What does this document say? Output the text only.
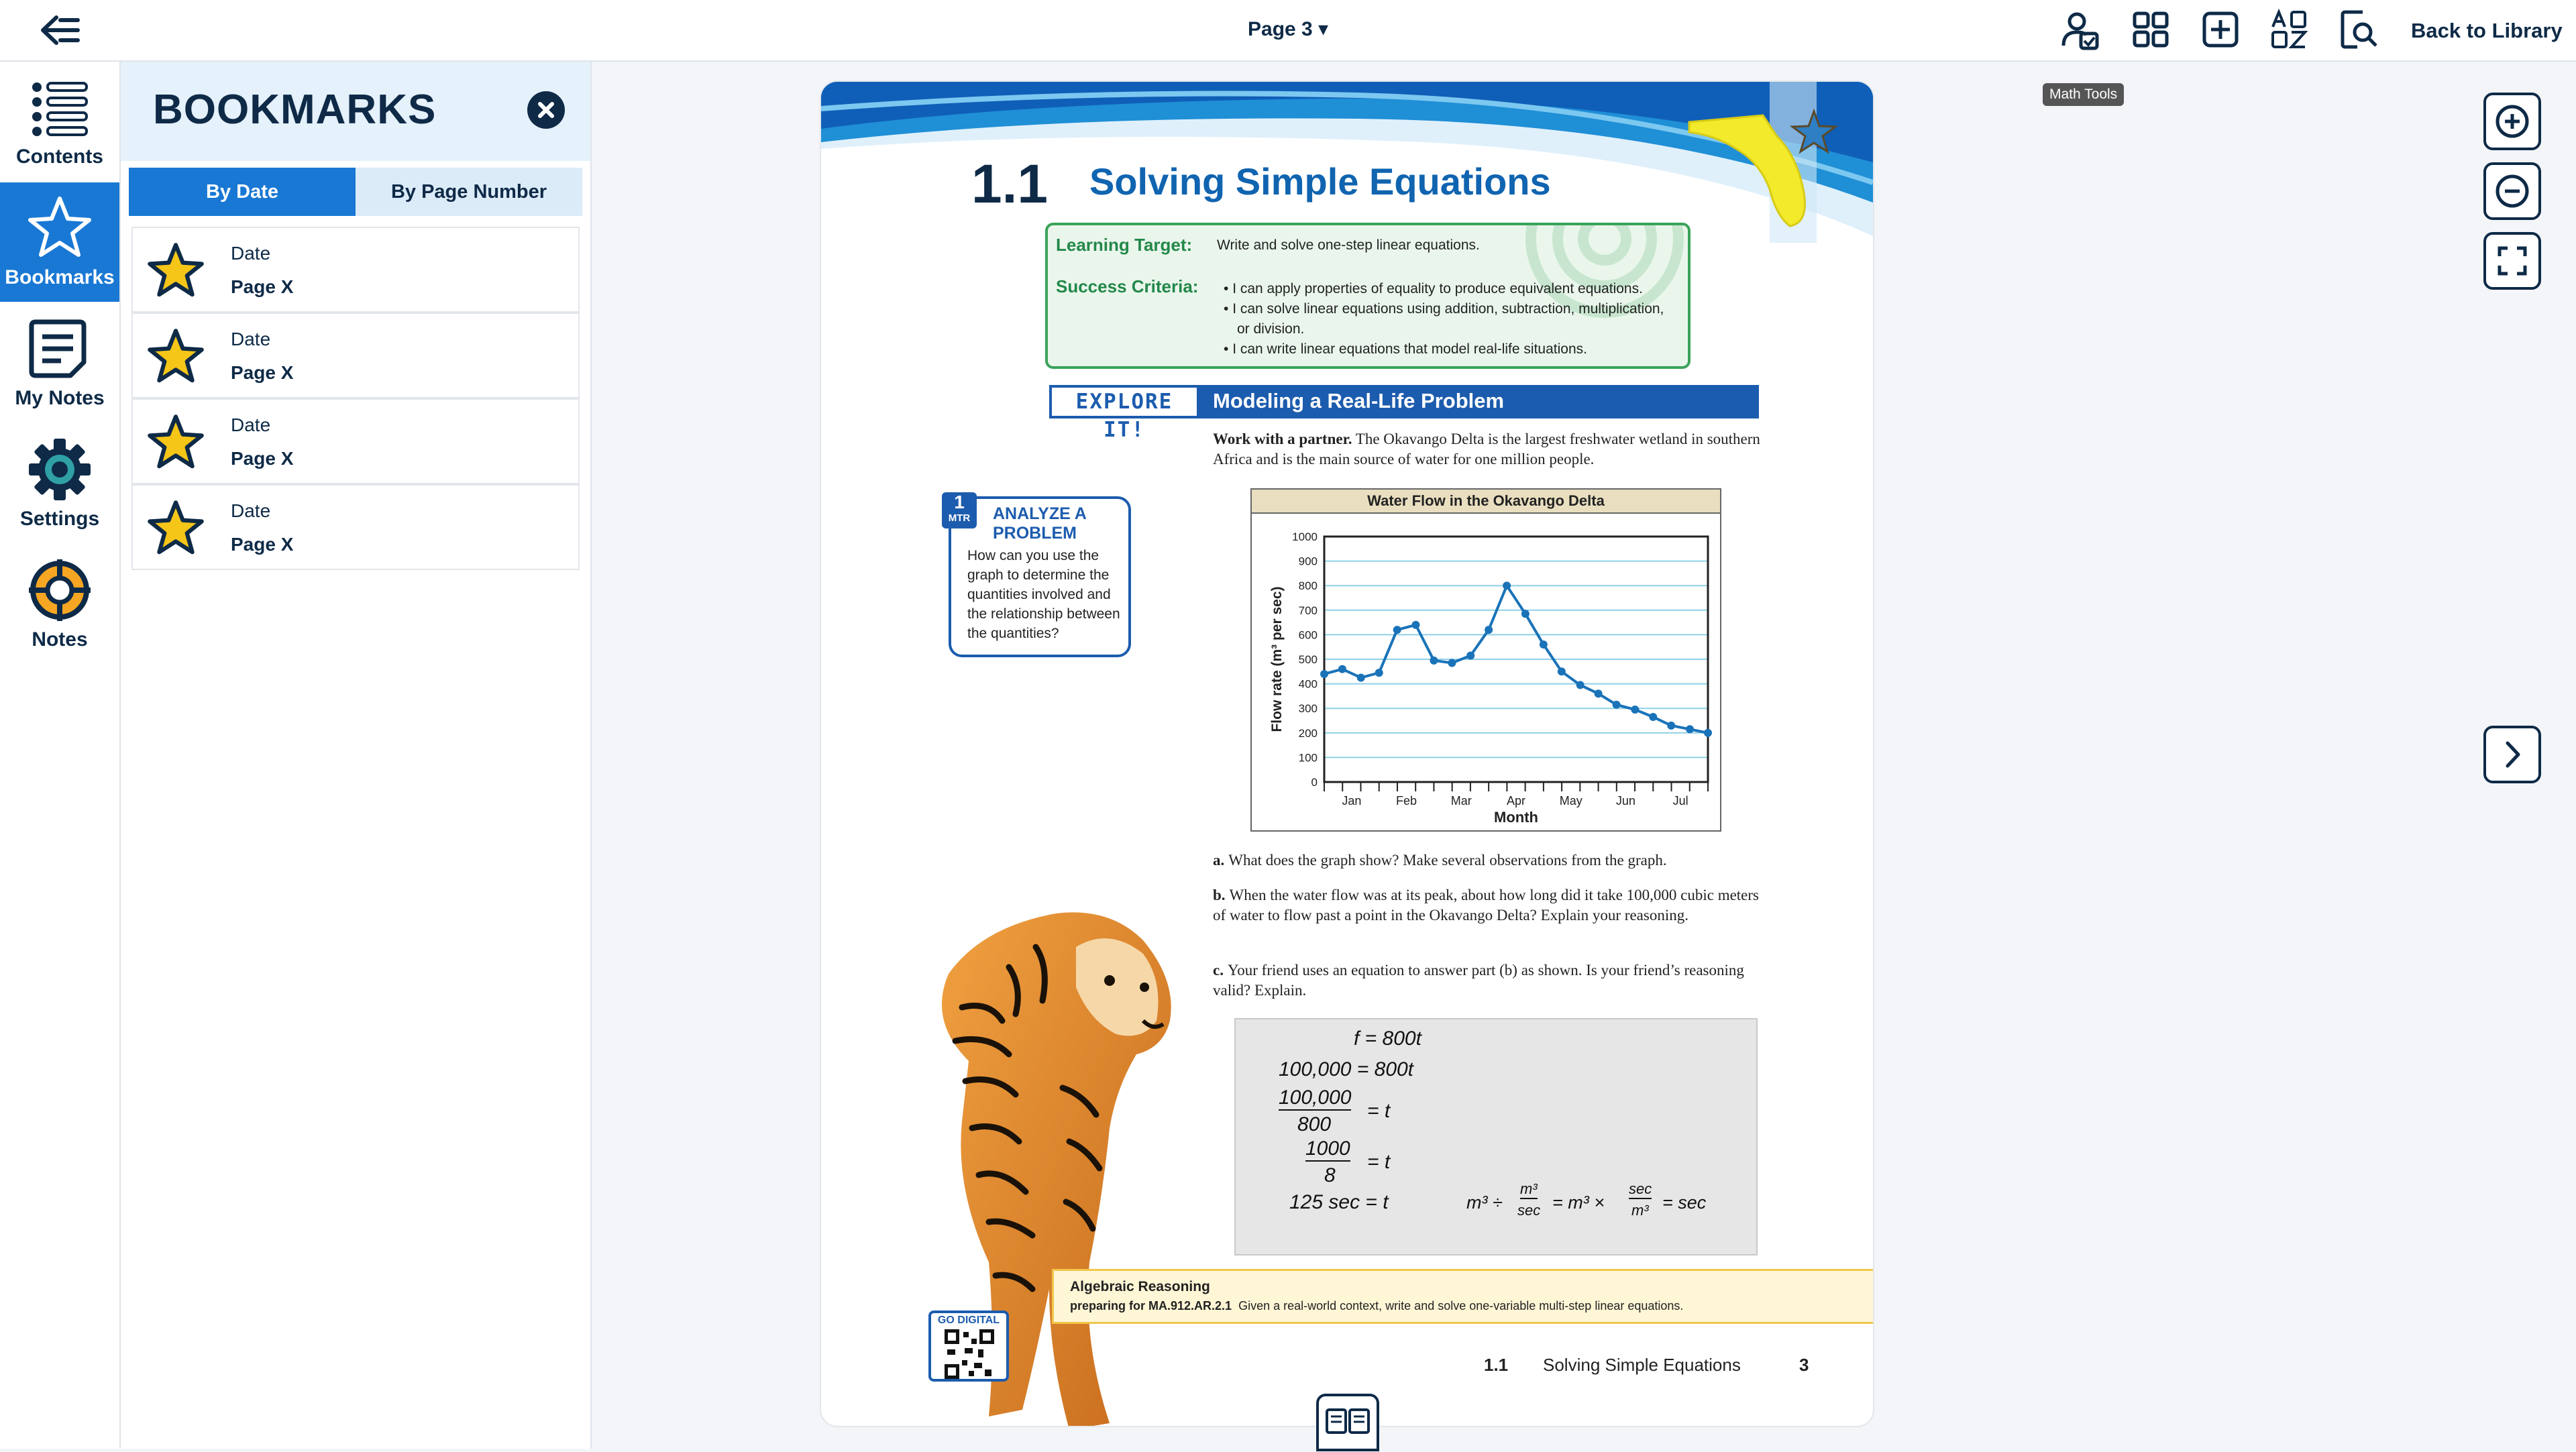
Page 3 ▾	Back to Library
Math Tools
Contents
Bookmarks
My Notes
Settings
Notes
BOOKMARKS
By Date	By Page Number
Date
Page X
Date
Page X
Date
Page X
Date
Page X
1.1 Solving Simple Equations
Learning Target: Write and solve one-step linear equations.
Success Criteria: • I can apply properties of equality to produce equivalent equations.
• I can solve linear equations using addition, subtraction, multiplication, or division.
• I can write linear equations that model real-life situations.
EXPLORE IT!
Modeling a Real-Life Problem
Work with a partner. The Okavango Delta is the largest freshwater wetland in southern Africa and is the main source of water for one million people.
1
MTR	ANALYZE A PROBLEM
How can you use the graph to determine the quantities involved and the relationship between the quantities?
Water Flow in the Okavango Delta
0
100
200
300
400
500
600
700
800
900
1000
Jan	Feb	Mar	Apr	May	Jun	Jul
Month
Flow rate (m³ per sec)
a. What does the graph show? Make several observations from the graph.
b. When the water flow was at its peak, about how long did it take 100,000 cubic meters of water to flow past a point in the Okavango Delta? Explain your reasoning.
c. Your friend uses an equation to answer part (b) as shown. Is your friend’s reasoning valid? Explain.
f = 800t
100,000 = 800t
100,000
800
= t
1000
8
= t
125 sec = t	m³ ÷
m³
sec = m³ ×
sec
m³ = sec
Algebraic Reasoning
preparing for MA.912.AR.2.1 Given a real-world context, write and solve one-variable multi-step linear equations.
GO DIGITAL
1.1 Solving Simple Equations	3
